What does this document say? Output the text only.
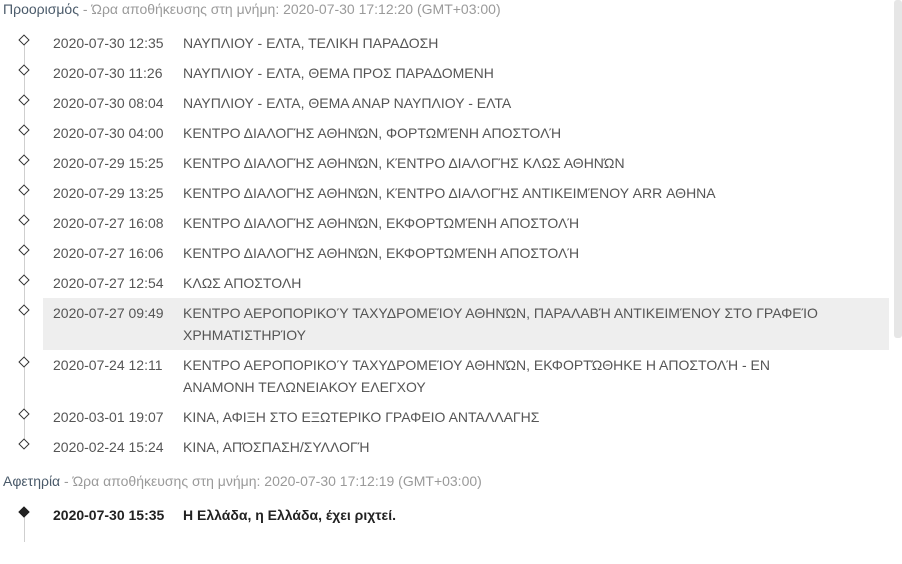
Προορισμός - Ώρα αποθήκευσης στη μνήμη: 2020-07-30 17:12:20 (GMT+03:00)
2020-07-30 12:35	ΝΑΥΠΛΙΟΥ - ΕΛΤΑ, ΤΕΛΙΚΗ ΠΑΡΑΔΟΣΗ
2020-07-30 11:26	ΝΑΥΠΛΙΟΥ - ΕΛΤΑ, ΘΕΜΑ ΠΡΟΣ ΠΑΡΑΔΟΜΕΝΗ
2020-07-30 08:04	ΝΑΥΠΛΙΟΥ - ΕΛΤΑ, ΘΕΜΑ ΑΝΑΡ ΝΑΥΠΛΙΟΥ - ΕΛΤΑ
2020-07-30 04:00	ΚΕΝΤΡΟ ΔΙΑΛΟΓΉΣ ΑΘΗΝΏΝ, ΦΟΡΤΩΜΈΝΗ ΑΠΟΣΤΟΛΉ
2020-07-29 15:25	ΚΕΝΤΡΟ ΔΙΑΛΟΓΉΣ ΑΘΗΝΏΝ, ΚΈΝΤΡΟ ΔΙΑΛΟΓΉΣ ΚΛΩΣ ΑΘΗΝΏΝ
2020-07-29 13:25	ΚΕΝΤΡΟ ΔΙΑΛΟΓΉΣ ΑΘΗΝΏΝ, ΚΈΝΤΡΟ ΔΙΑΛΟΓΉΣ ΑΝΤΙΚΕΙΜΈΝΟΥ ARR ΑΘΗΝΑ
2020-07-27 16:08	ΚΕΝΤΡΟ ΔΙΑΛΟΓΉΣ ΑΘΗΝΏΝ, ΕΚΦΟΡΤΩΜΈΝΗ ΑΠΟΣΤΟΛΉ
2020-07-27 16:06	ΚΕΝΤΡΟ ΔΙΑΛΟΓΉΣ ΑΘΗΝΏΝ, ΕΚΦΟΡΤΩΜΈΝΗ ΑΠΟΣΤΟΛΉ
2020-07-27 12:54	ΚΛΩΣ ΑΠΟΣΤΟΛΗ
2020-07-27 09:49	ΚΕΝΤΡΟ ΑΕΡΟΠΟΡΙΚΟΎ ΤΑΧΥΔΡΟΜΕΊΟΥ ΑΘΗΝΏΝ, ΠΑΡΑΛΑΒΉ ΑΝΤΙΚΕΙΜΈΝΟΥ ΣΤΟ ΓΡΑΦΕΊΟ ΧΡΗΜΑΤΙΣΤΗΡΊΟΥ
2020-07-24 12:11	ΚΕΝΤΡΟ ΑΕΡΟΠΟΡΙΚΟΎ ΤΑΧΥΔΡΟΜΕΊΟΥ ΑΘΗΝΏΝ, ΕΚΦΟΡΤΏΘΗΚΕ Η ΑΠΟΣΤΟΛΉ - ΕΝ ΑΝΑΜΟΝΗ ΤΕΛΩΝΕΙΑΚΟΥ ΕΛΕΓΧΟΥ
2020-03-01 19:07	ΚΙΝΑ, ΑΦΙΞΗ ΣΤΟ ΕΞΩΤΕΡΙΚΟ ΓΡΑΦΕΙΟ ΑΝΤΑΛΛΑΓΗΣ
2020-02-24 15:24	ΚΙΝΑ, ΑΠΌΣΠΑΣΗ/ΣΥΛΛΟΓΉ
Αφετηρία - Ώρα αποθήκευσης στη μνήμη: 2020-07-30 17:12:19 (GMT+03:00)
2020-07-30 15:35	Η Ελλάδα, η Ελλάδα, έχει ριχτεί.
